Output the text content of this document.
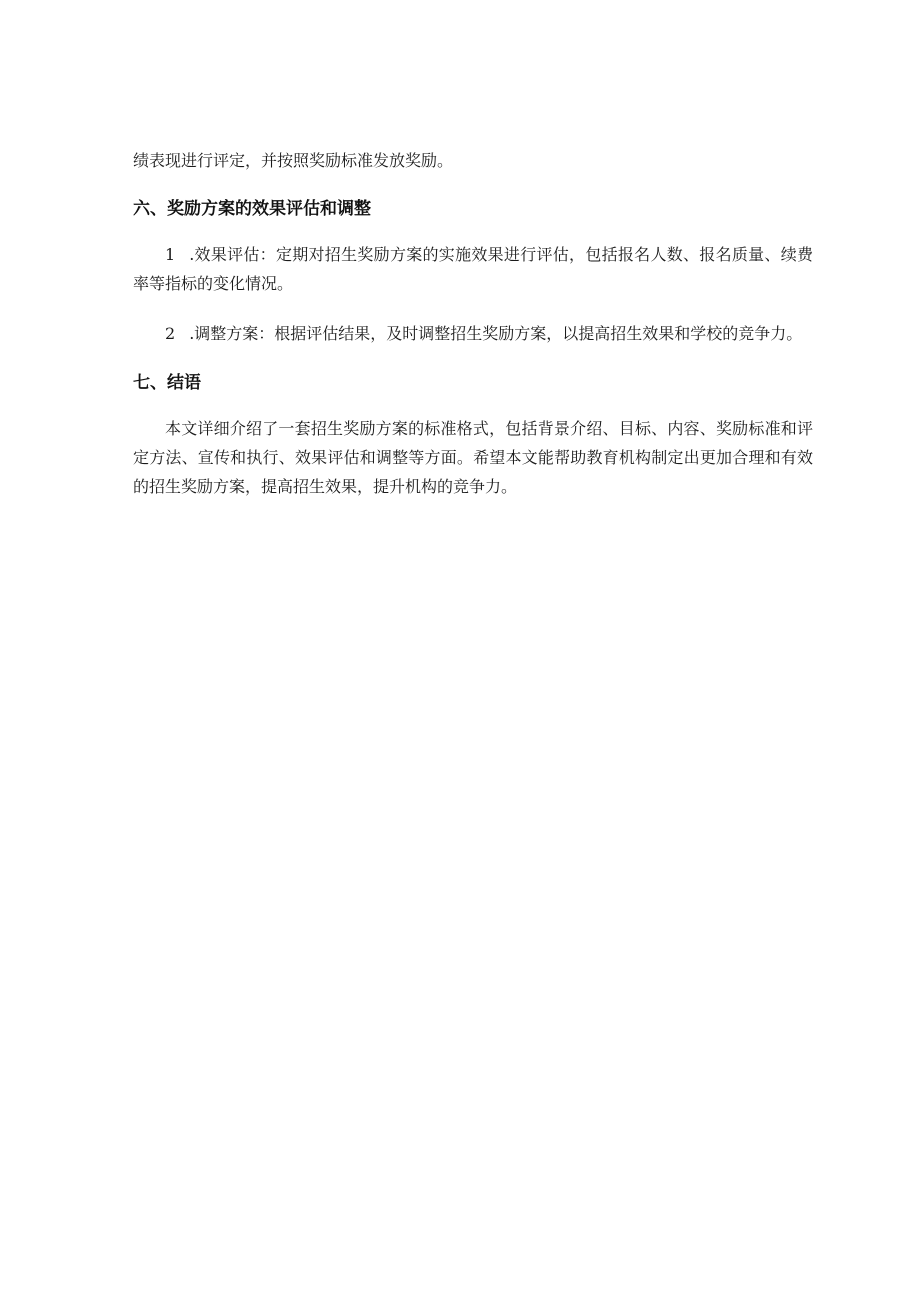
绩表现进行评定，并按照奖励标准发放奖励。

六、奖励方案的效果评估和调整

1 .效果评估：定期对招生奖励方案的实施效果进行评估，包括报名人数、报名质量、续费率等指标的变化情况。

2 .调整方案：根据评估结果，及时调整招生奖励方案，以提高招生效果和学校的竞争力。

七、结语

本文详细介绍了一套招生奖励方案的标准格式，包括背景介绍、目标、内容、奖励标准和评定方法、宣传和执行、效果评估和调整等方面。希望本文能帮助教育机构制定出更加合理和有效的招生奖励方案，提高招生效果，提升机构的竞争力。
